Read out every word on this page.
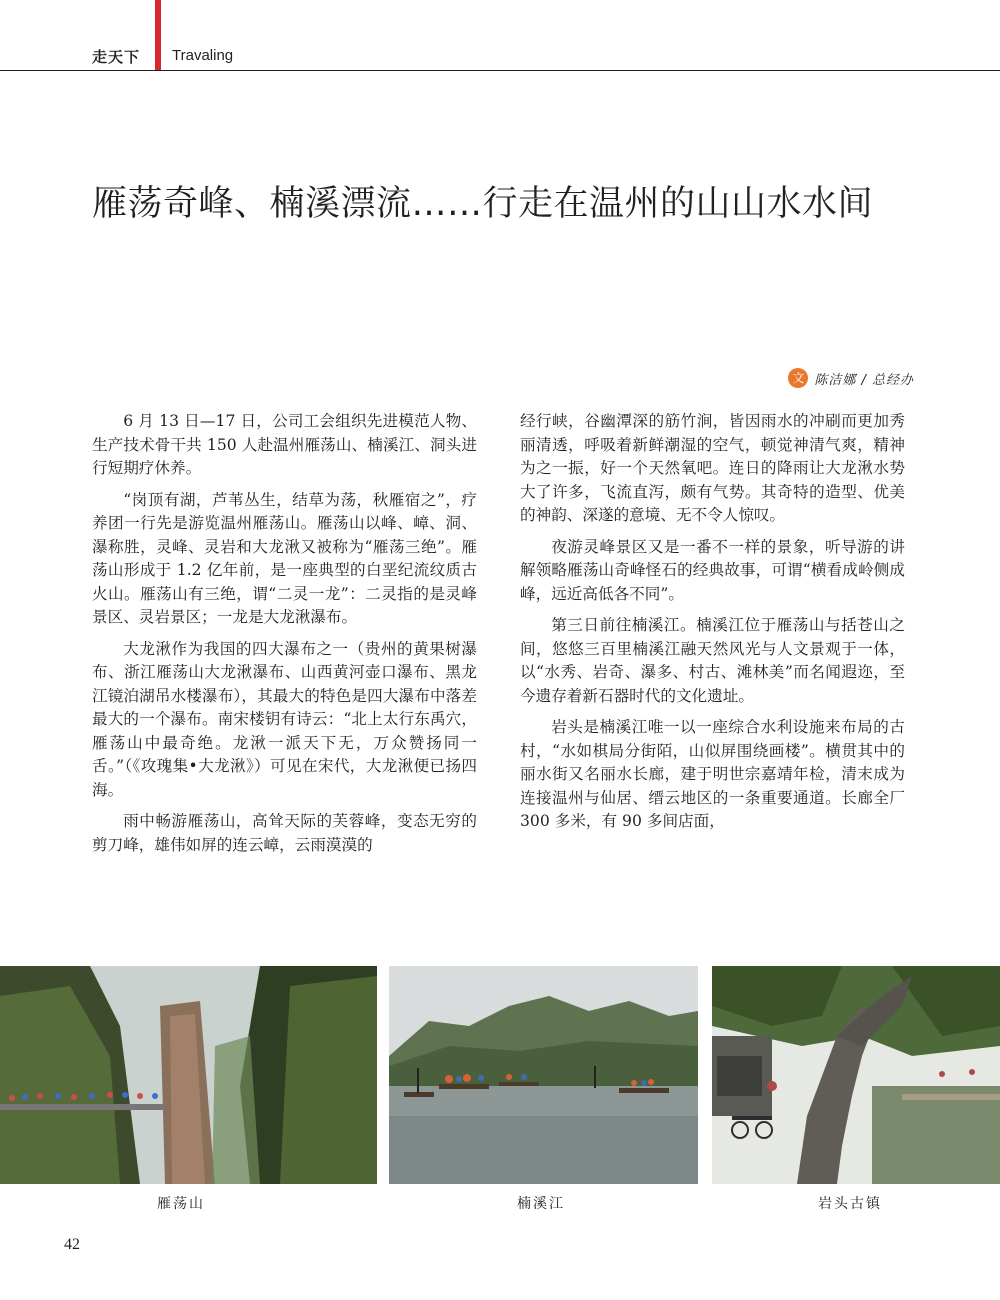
走天下 Travaling
雁荡奇峰、楠溪漂流……行走在温州的山山水水间
文 陈洁娜 / 总经办

6 月 13 日—17 日，公司工会组织先进模范人物、生产技术骨干共 150 人赴温州雁荡山、楠溪江、洞头进行短期疗休养。

“岗顶有湖，芦苇丛生，结草为荡，秋雁宿之”，疗养团一行先是游览温州雁荡山。雁荡山以峰、嶂、洞、瀑称胜，灵峰、灵岩和大龙湫又被称为“雁荡三绝”。雁荡山形成于 1.2 亿年前，是一座典型的白垩纪流纹质古火山。雁荡山有三绝，谓“二灵一龙”：二灵指的是灵峰景区、灵岩景区；一龙是大龙湫瀑布。

大龙湫作为我国的四大瀑布之一（贵州的黄果树瀑布、浙江雁荡山大龙湫瀑布、山西黄河壶口瀑布、黑龙江镜泊湖吊水楼瀑布），其最大的特色是四大瀑布中落差最大的一个瀑布。南宋楼钥有诗云：“北上太行东禹穴，雁荡山中最奇绝。龙湫一派天下无，万众赞扬同一舌。”（《攻瑰集•大龙湫》）可见在宋代，大龙湫便已扬四海。

雨中畅游雁荡山，高耸天际的芙蓉峰，变态无穷的剪刀峰，雄伟如屏的连云嶂，云雨漠漠的

经行峡，谷幽潭深的筋竹涧，皆因雨水的冲刷而更加秀丽清透，呼吸着新鲜潮湿的空气，顿觉神清气爽，精神为之一振，好一个天然氧吧。连日的降雨让大龙湫水势大了许多，飞流直泻，颇有气势。其奇特的造型、优美的神韵、深遂的意境、无不令人惊叹。

夜游灵峰景区又是一番不一样的景象，听导游的讲解领略雁荡山奇峰怪石的经典故事，可谓“横看成岭侧成峰，远近高低各不同”。

第三日前往楠溪江。楠溪江位于雁荡山与括苍山之间，悠悠三百里楠溪江融天然风光与人文景观于一体，以“水秀、岩奇、瀑多、村古、滩林美”而名闻遐迩，至今遗存着新石器时代的文化遗址。

岩头是楠溪江唯一以一座综合水利设施来布局的古村，“水如棋局分街陌，山似屏围绕画楼”。横贯其中的丽水街又名丽水长廊，建于明世宗嘉靖年检，清末成为连接温州与仙居、缙云地区的一条重要通道。长廊全厂 300 多米，有 90 多间店面，

雁荡山	楠溪江	岩头古镇
42
